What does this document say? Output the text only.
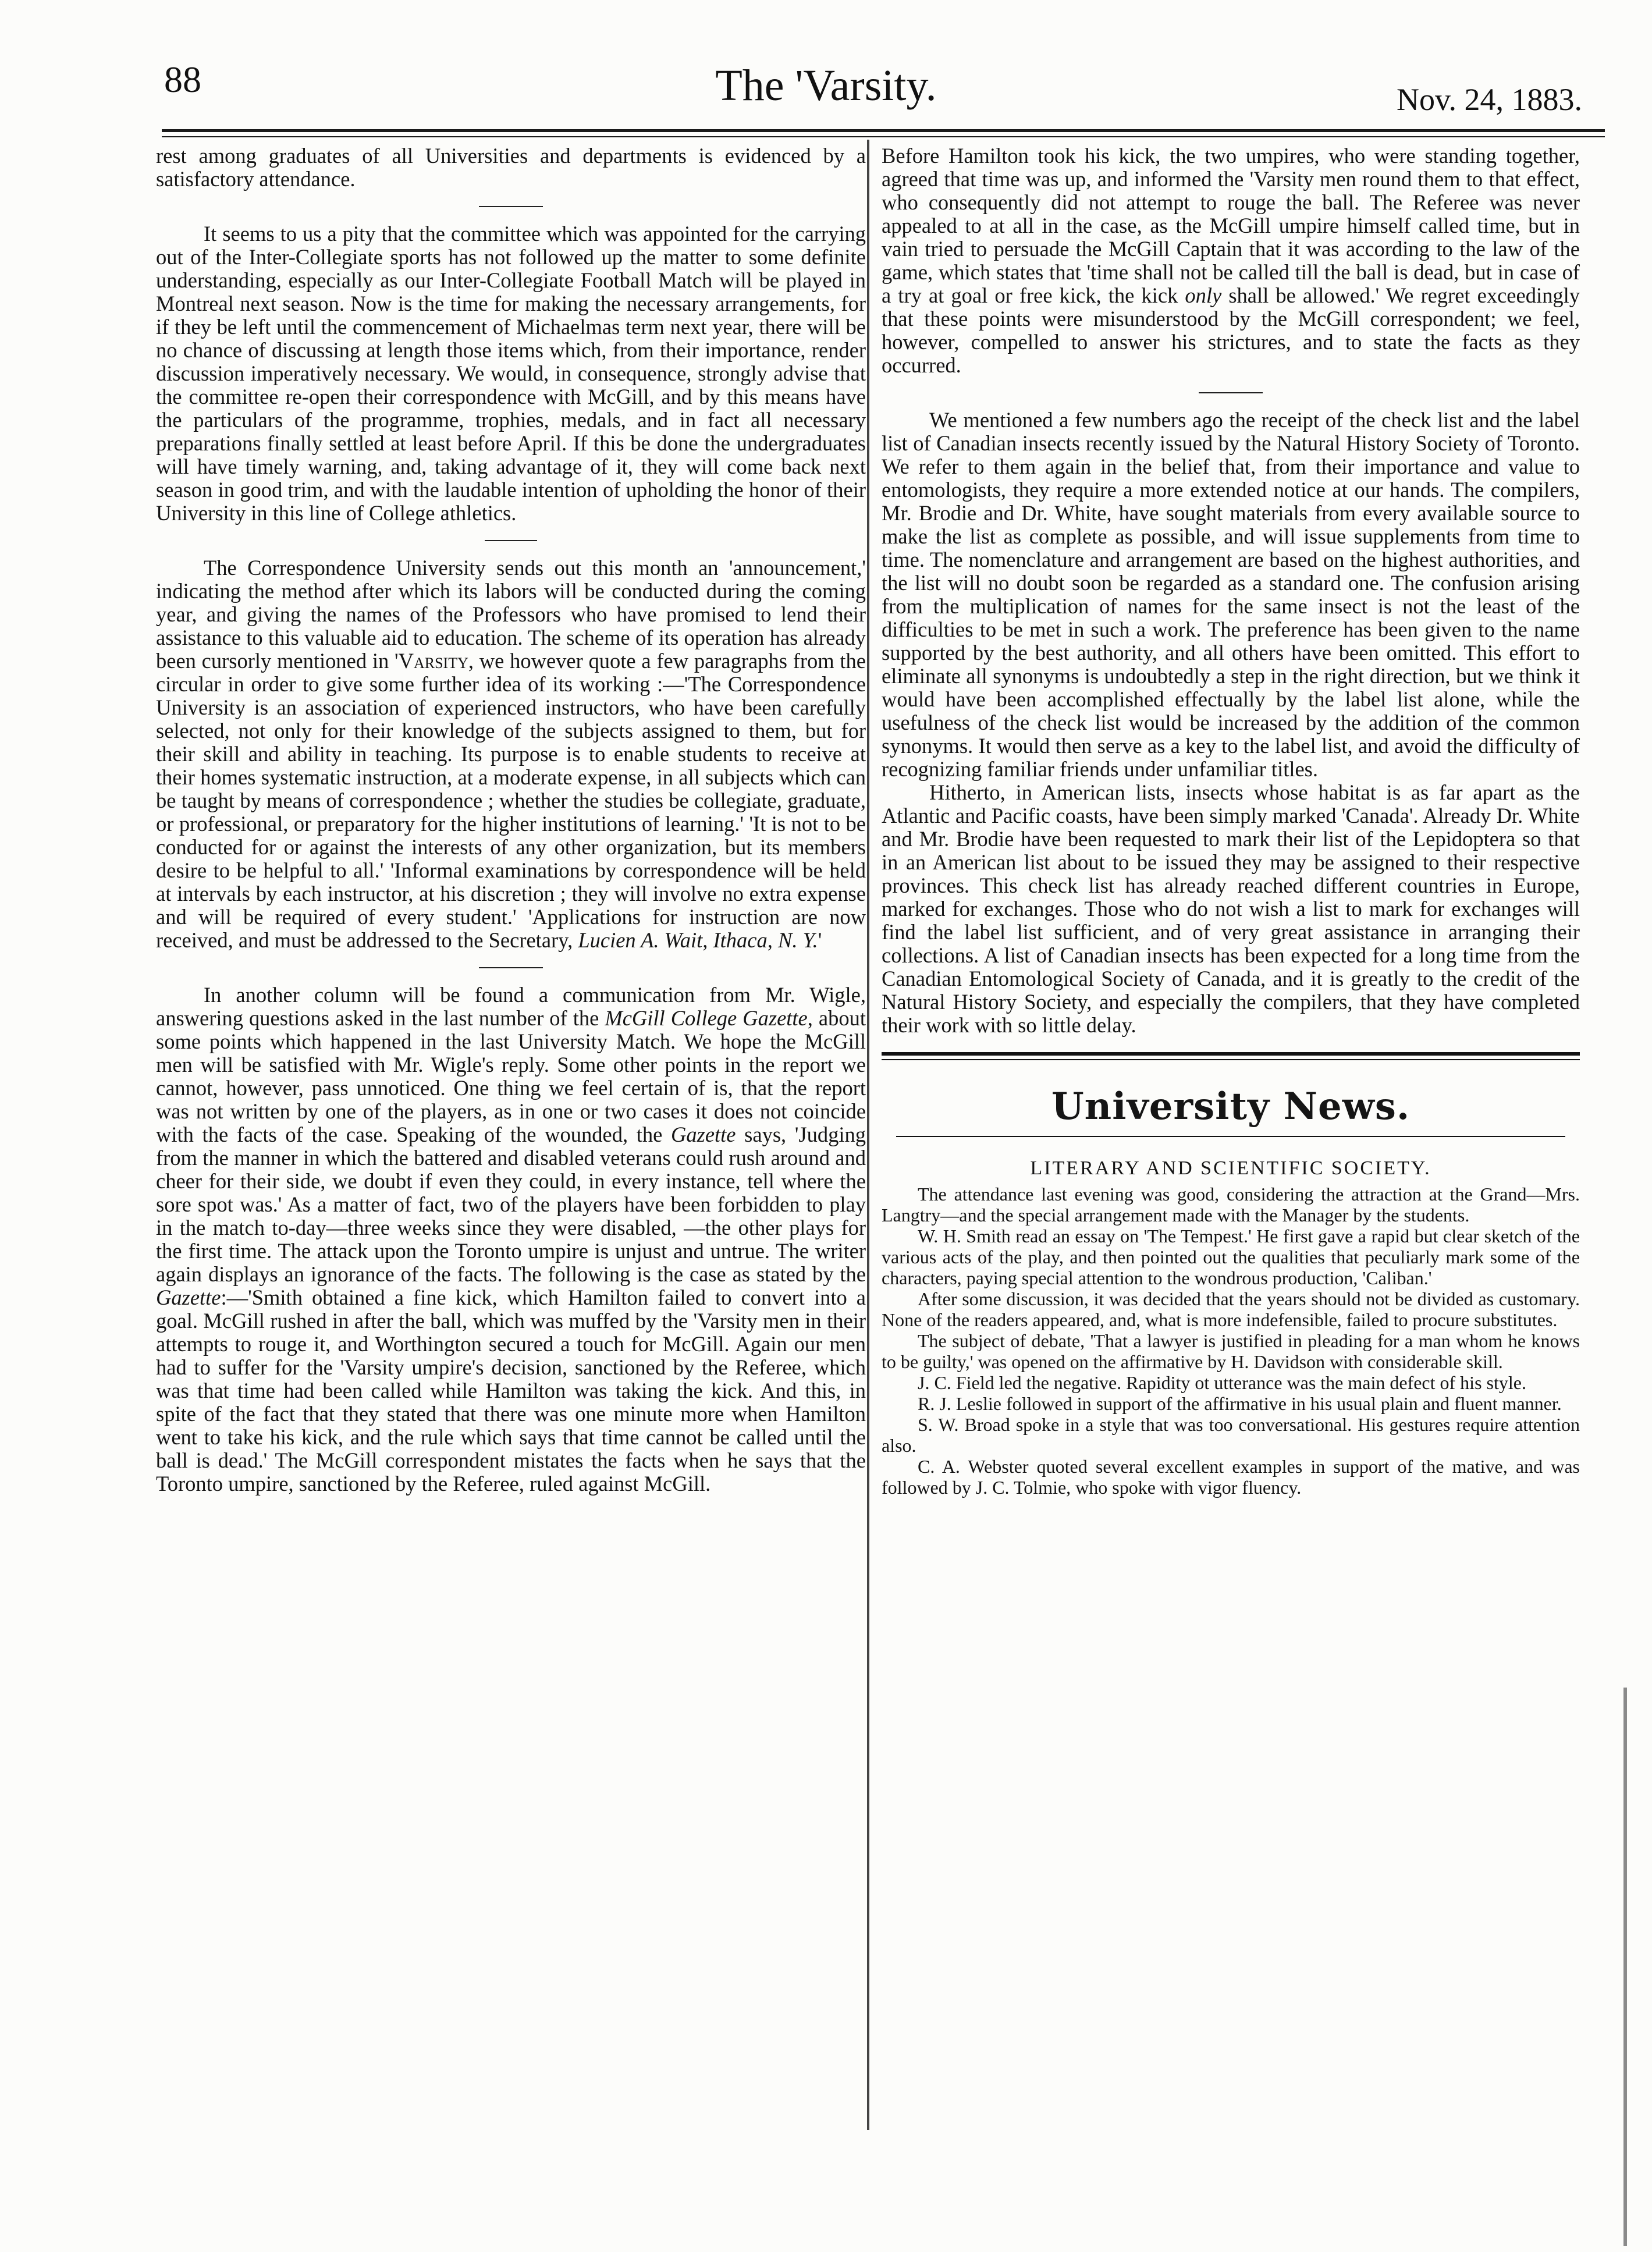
88	The 'Varsity.	Nov. 24, 1883.

rest among graduates of all Universities and departments is evidenced by a satisfactory attendance.

It seems to us a pity that the committee which was appointed for the carrying out of the Inter-Collegiate sports has not followed up the matter to some definite understanding, especially as our Inter-Collegiate Football Match will be played in Montreal next season. Now is the time for making the necessary arrangements, for if they be left until the commencement of Michaelmas term next year, there will be no chance of discussing at length those items which, from their importance, render discussion imperatively necessary. We would, in consequence, strongly advise that the committee re-open their correspondence with McGill, and by this means have the particulars of the programme, trophies, medals, and in fact all necessary preparations finally settled at least before April. If this be done the undergraduates will have timely warning, and, taking advantage of it, they will come back next season in good trim, and with the laudable intention of upholding the honor of their University in this line of College athletics.

The Correspondence University sends out this month an 'announcement,' indicating the method after which its labors will be conducted during the coming year, and giving the names of the Professors who have promised to lend their assistance to this valuable aid to education. The scheme of its operation has already been cursorly mentioned in 'Varsity, we however quote a few paragraphs from the circular in order to give some further idea of its working :—'The Correspondence University is an association of experienced instructors, who have been carefully selected, not only for their knowledge of the subjects assigned to them, but for their skill and ability in teaching. Its purpose is to enable students to receive at their homes systematic instruction, at a moderate expense, in all subjects which can be taught by means of correspondence ; whether the studies be collegiate, graduate, or professional, or preparatory for the higher institutions of learning.' 'It is not to be conducted for or against the interests of any other organization, but its members desire to be helpful to all.' 'Informal examinations by correspondence will be held at intervals by each instructor, at his discretion ; they will involve no extra expense and will be required of every student.' 'Applications for instruction are now received, and must be addressed to the Secretary, Lucien A. Wait, Ithaca, N. Y.'

In another column will be found a communication from Mr. Wigle, answering questions asked in the last number of the McGill College Gazette, about some points which happened in the last University Match. We hope the McGill men will be satisfied with Mr. Wigle's reply. Some other points in the report we cannot, however, pass unnoticed. One thing we feel certain of is, that the report was not written by one of the players, as in one or two cases it does not coincide with the facts of the case. Speaking of the wounded, the Gazette says, 'Judging from the manner in which the battered and disabled veterans could rush around and cheer for their side, we doubt if even they could, in every instance, tell where the sore spot was.' As a matter of fact, two of the players have been forbidden to play in the match to-day—three weeks since they were disabled, —the other plays for the first time. The attack upon the Toronto umpire is unjust and untrue. The writer again displays an ignorance of the facts. The following is the case as stated by the Gazette:—'Smith obtained a fine kick, which Hamilton failed to convert into a goal. McGill rushed in after the ball, which was muffed by the 'Varsity men in their attempts to rouge it, and Worthington secured a touch for McGill. Again our men had to suffer for the 'Varsity umpire's decision, sanctioned by the Referee, which was that time had been called while Hamilton was taking the kick. And this, in spite of the fact that they stated that there was one minute more when Hamilton went to take his kick, and the rule which says that time cannot be called until the ball is dead.' The McGill correspondent mistates the facts when he says that the Toronto umpire, sanctioned by the Referee, ruled against McGill.

Before Hamilton took his kick, the two umpires, who were standing together, agreed that time was up, and informed the 'Varsity men round them to that effect, who consequently did not attempt to rouge the ball. The Referee was never appealed to at all in the case, as the McGill umpire himself called time, but in vain tried to persuade the McGill Captain that it was according to the law of the game, which states that 'time shall not be called till the ball is dead, but in case of a try at goal or free kick, the kick only shall be allowed.' We regret exceedingly that these points were misunderstood by the McGill correspondent; we feel, however, compelled to answer his strictures, and to state the facts as they occurred.

We mentioned a few numbers ago the receipt of the check list and the label list of Canadian insects recently issued by the Natural History Society of Toronto. We refer to them again in the belief that, from their importance and value to entomologists, they require a more extended notice at our hands. The compilers, Mr. Brodie and Dr. White, have sought materials from every available source to make the list as complete as possible, and will issue supplements from time to time. The nomenclature and arrangement are based on the highest authorities, and the list will no doubt soon be regarded as a standard one. The confusion arising from the multiplication of names for the same insect is not the least of the difficulties to be met in such a work. The preference has been given to the name supported by the best authority, and all others have been omitted. This effort to eliminate all synonyms is undoubtedly a step in the right direction, but we think it would have been accomplished effectually by the label list alone, while the usefulness of the check list would be increased by the addition of the common synonyms. It would then serve as a key to the label list, and avoid the difficulty of recognizing familiar friends under unfamiliar titles.

Hitherto, in American lists, insects whose habitat is as far apart as the Atlantic and Pacific coasts, have been simply marked 'Canada'. Already Dr. White and Mr. Brodie have been requested to mark their list of the Lepidoptera so that in an American list about to be issued they may be assigned to their respective provinces. This check list has already reached different countries in Europe, marked for exchanges. Those who do not wish a list to mark for exchanges will find the label list sufficient, and of very great assistance in arranging their collections. A list of Canadian insects has been expected for a long time from the Canadian Entomological Society of Canada, and it is greatly to the credit of the Natural History Society, and especially the compilers, that they have completed their work with so little delay.

University News.
LITERARY AND SCIENTIFIC SOCIETY.

The attendance last evening was good, considering the attraction at the Grand—Mrs. Langtry—and the special arrangement made with the Manager by the students.

W. H. Smith read an essay on 'The Tempest.' He first gave a rapid but clear sketch of the various acts of the play, and then pointed out the qualities that peculiarly mark some of the characters, paying special attention to the wondrous production, 'Caliban.'

After some discussion, it was decided that the years should not be divided as customary. None of the readers appeared, and, what is more indefensible, failed to procure substitutes.

The subject of debate, 'That a lawyer is justified in pleading for a man whom he knows to be guilty,' was opened on the affirmative by H. Davidson with considerable skill.

J. C. Field led the negative. Rapidity ot utterance was the main defect of his style.

R. J. Leslie followed in support of the affirmative in his usual plain and fluent manner.

S. W. Broad spoke in a style that was too conversational. His gestures require attention also.

C. A. Webster quoted several excellent examples in support of the mative, and was followed by J. C. Tolmie, who spoke with vigor fluency.
